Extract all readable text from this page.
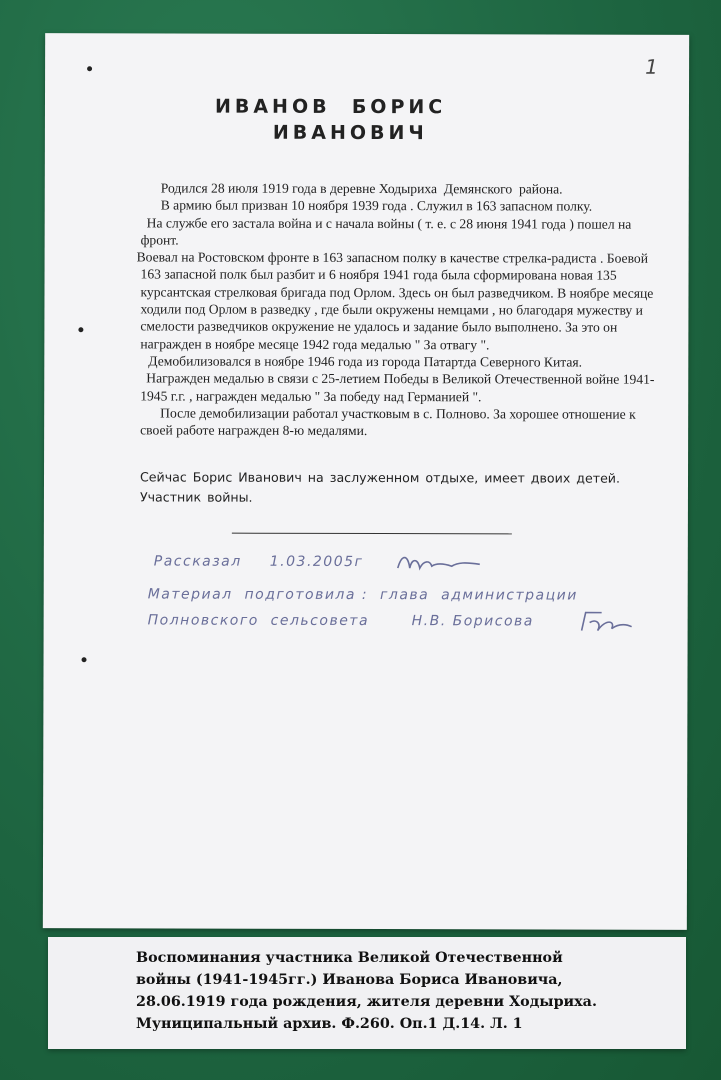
1
ИВАНОВ  БОРИС
ИВАНОВИЧ

Родился 28 июля 1919 года в деревне Ходыриха  Демянского  района.

В армию был призван 10 ноября 1939 года . Служил в 163 запасном полку.

На службе его застала война и с начала войны ( т. е. с 28 июня 1941 года ) пошел на фронт.

Воевал на Ростовском фронте в 163 запасном полку в качестве стрелка-радиста . Боевой 163 запасной полк был разбит и 6 ноября 1941 года была сформирована новая 135 курсантская стрелковая бригада под Орлом. Здесь он был разведчиком. В ноябре месяце ходили под Орлом в разведку , где были окружены немцами , но благодаря мужеству и смелости разведчиков окружение не удалось и задание было выполнено. За это он награжден в ноябре месяце 1942 года медалью " За отвагу ".

Демобилизовался в ноябре 1946 года из города Патартда Северного Китая.

Награжден медалью в связи с 25-летием Победы в Великой Отечественной войне 1941-1945 г.г. , награжден медалью " За победу над Германией ".

После демобилизации работал участковым в с. Полново. За хорошее отношение к своей работе награжден 8-ю медалями.

Сейчас Борис Иванович на заслуженном отдыхе, имеет двоих детей. Участник войны.
Рассказал 1.03.2005г
Материал  подготовила :  глава  администрации
Полновского  сельсовета	Н.В. Борисова
Воспоминания участника Великой Отечественной
войны (1941-1945гг.) Иванова Бориса Ивановича,
28.06.1919 года рождения, жителя деревни Ходыриха.
Муниципальный архив. Ф.260. Оп.1 Д.14. Л. 1
